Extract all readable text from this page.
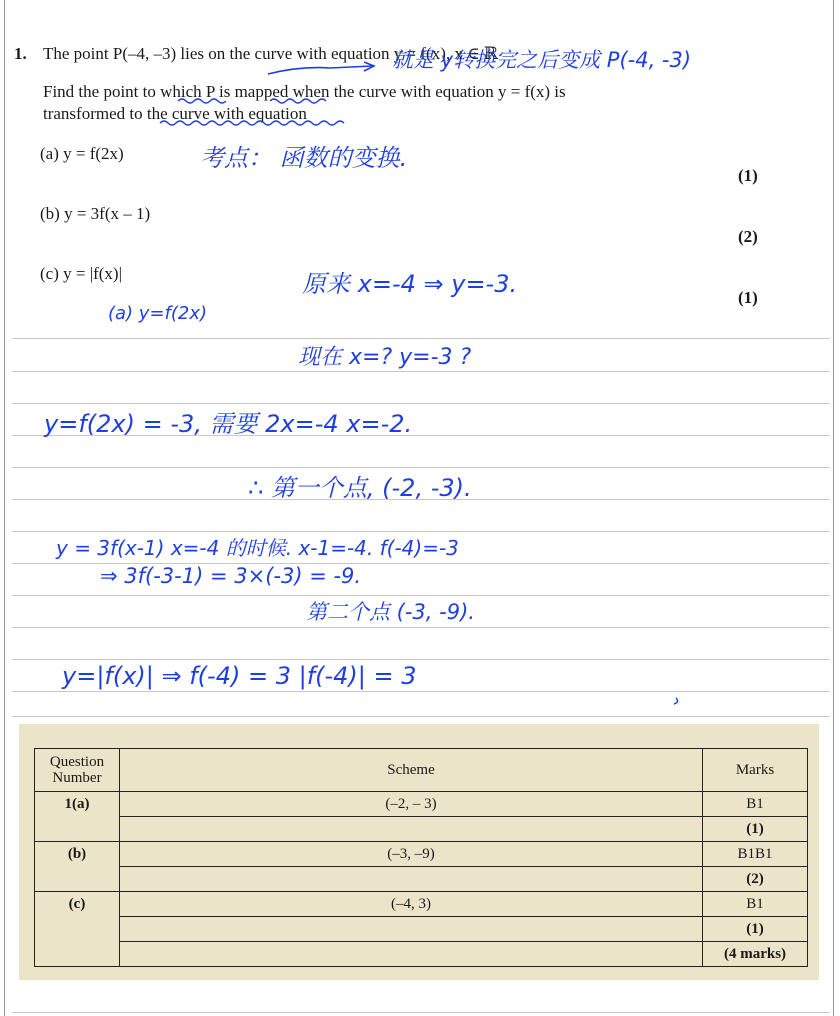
1. The point P(–4, –3) lies on the curve with equation y = f(x), x ∈ ℝ
Find the point to which P is mapped when the curve with equation y = f(x) is
transformed to the curve with equation
(a) y = f(2x)
(1)
(b) y = 3f(x – 1)
(2)
(c) y = |f(x)|
(1)
就是 y转换完之后变成 P(-4, -3)
考点： 函数的变换.
原来 x=-4 ⇒ y=-3.
(a) y=f(2x)
现在 x=? y=-3 ?
y=f(2x) = -3, 需要 2x=-4 x=-2.
∴ 第一个点, (-2, -3).
y = 3f(x-1) x=-4 的时候. x-1=-4. f(-4)=-3
⇒ 3f(-3-1) = 3×(-3) = -9.
第二个点 (-3, -9).
y=|f(x)| ⇒ f(-4) = 3 |f(-4)| = 3
Question Number	Scheme	Marks
1(a)	(–2, – 3)	B1
		(1)
(b)	(–3, –9)	B1B1
		(2)
(c)	(–4, 3)	B1
		(1)
		(4 marks)
